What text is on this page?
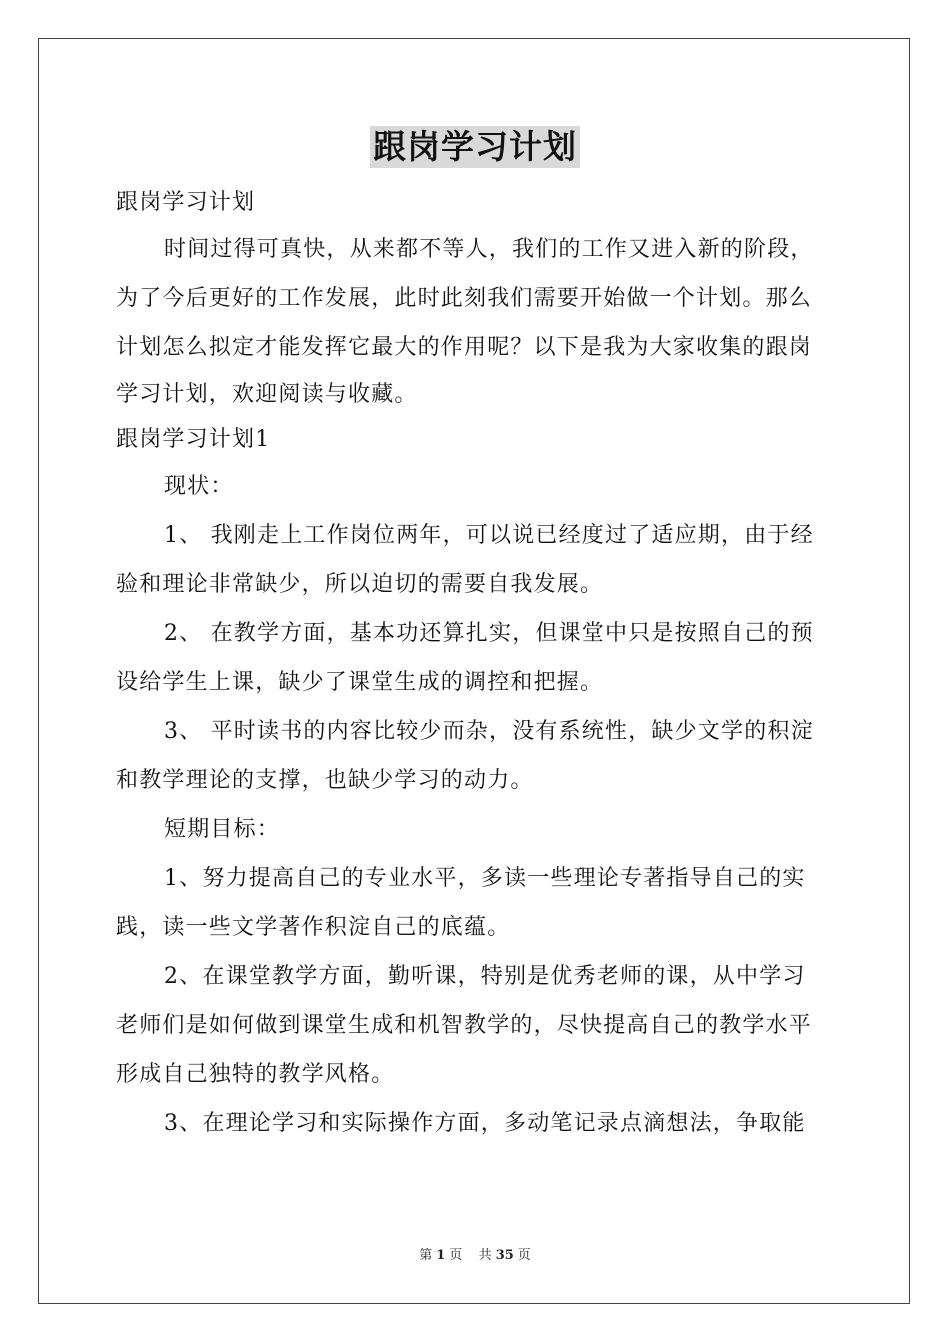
跟岗学习计划
跟岗学习计划
时间过得可真快，从来都不等人，我们的工作又进入新的阶段，
为了今后更好的工作发展，此时此刻我们需要开始做一个计划。那么
计划怎么拟定才能发挥它最大的作用呢？以下是我为大家收集的跟岗
学习计划，欢迎阅读与收藏。
跟岗学习计划1
现状：
1、 我刚走上工作岗位两年，可以说已经度过了适应期，由于经
验和理论非常缺少，所以迫切的需要自我发展。
2、 在教学方面，基本功还算扎实，但课堂中只是按照自己的预
设给学生上课，缺少了课堂生成的调控和把握。
3、 平时读书的内容比较少而杂，没有系统性，缺少文学的积淀
和教学理论的支撑，也缺少学习的动力。
短期目标：
1、努力提高自己的专业水平，多读一些理论专著指导自己的实
践，读一些文学著作积淀自己的底蕴。
2、在课堂教学方面，勤听课，特别是优秀老师的课，从中学习
老师们是如何做到课堂生成和机智教学的，尽快提高自己的教学水平
形成自己独特的教学风格。
3、在理论学习和实际操作方面，多动笔记录点滴想法，争取能
第 1 页 共 35 页
